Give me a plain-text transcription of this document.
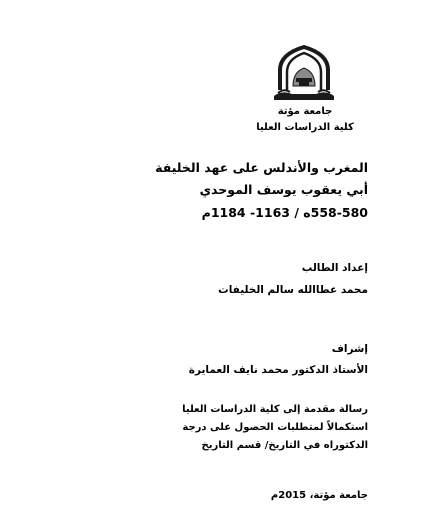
جامعة مؤتة
كلية الدراسات العليا
المغرب والأندلس على عهد الخليفة
أبي يعقوب يوسف الموحدي
558-580ه / 1163- 1184م
إعداد الطالب
محمد عطاالله سالم الخليفات
إشراف
الأستاذ الدكتور محمد نايف العمايرة
رسالة مقدمة إلى كلية الدراسات العليا
استكمالاً لمتطلبات الحصول على درجة
الدكتوراه في التاريخ/ قسم التاريخ
جامعة مؤتة، 2015م
